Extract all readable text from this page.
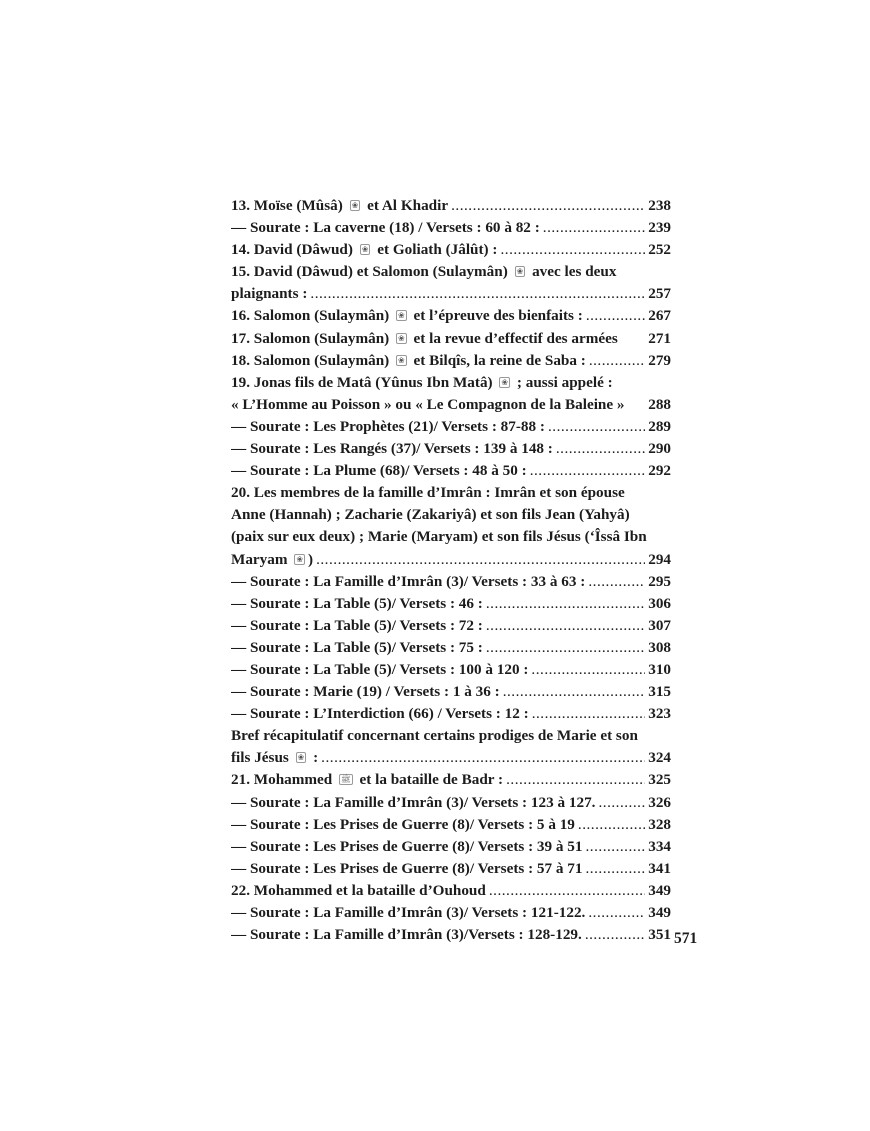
13. Moïse (Mûsâ) ❀ et Al Khadir .....	238
— Sourate : La caverne (18) / Versets : 60 à 82 : .....	239
14. David (Dâwud) ❀ et Goliath (Jâlût) : .....	252
15. David (Dâwud) et Salomon (Sulaymân) ❀ avec les deux
plaignants : .....	257
16. Salomon (Sulaymân) ❀ et l’épreuve des bienfaits : .....	267
17. Salomon (Sulaymân) ❀ et la revue d’effectif des armées 271
18. Salomon (Sulaymân) ❀ et Bilqîs, la reine de Saba : .....	279
19. Jonas fils de Matâ (Yûnus Ibn Matâ) ❀ ; aussi appelé :
« L’Homme au Poisson » ou « Le Compagnon de la Baleine » 288
— Sourate : Les Prophètes (21)/ Versets : 87-88 : .....	289
— Sourate : Les Rangés (37)/ Versets : 139 à 148 : .....	290
— Sourate : La Plume (68)/ Versets : 48 à 50 : .....	292
20. Les membres de la famille d’Imrân : Imrân et son épouse
Anne (Hannah) ; Zacharie (Zakariyâ) et son fils Jean (Yahyâ)
(paix sur eux deux) ; Marie (Maryam) et son fils Jésus (‘Îssâ Ibn
Maryam ❀ ) .....	294
— Sourate : La Famille d’Imrân (3)/ Versets : 33 à 63 : .....	295
— Sourate : La Table (5)/ Versets : 46 : .....	306
— Sourate : La Table (5)/ Versets : 72 : .....	307
— Sourate : La Table (5)/ Versets : 75 : .....	308
— Sourate : La Table (5)/ Versets : 100 à 120 : .....	310
— Sourate : Marie (19) / Versets : 1 à 36 : .....	315
— Sourate : L’Interdiction (66) / Versets : 12 : .....	323
Bref récapitulatif concernant certains prodiges de Marie et son
fils Jésus ❀ : .....	324
21. Mohammed ﷺ et la bataille de Badr : .....	325
— Sourate : La Famille d’Imrân (3)/ Versets : 123 à 127. .....	326
— Sourate : Les Prises de Guerre (8)/ Versets : 5 à 19 .....	328
— Sourate : Les Prises de Guerre (8)/ Versets : 39 à 51 .....	334
— Sourate : Les Prises de Guerre (8)/ Versets : 57 à 71 .....	341
22. Mohammed et la bataille d’Ouhoud .....	349
— Sourate : La Famille d’Imrân (3)/ Versets : 121-122. .....	349
— Sourate : La Famille d’Imrân (3)/Versets : 128-129. .....	351 571
